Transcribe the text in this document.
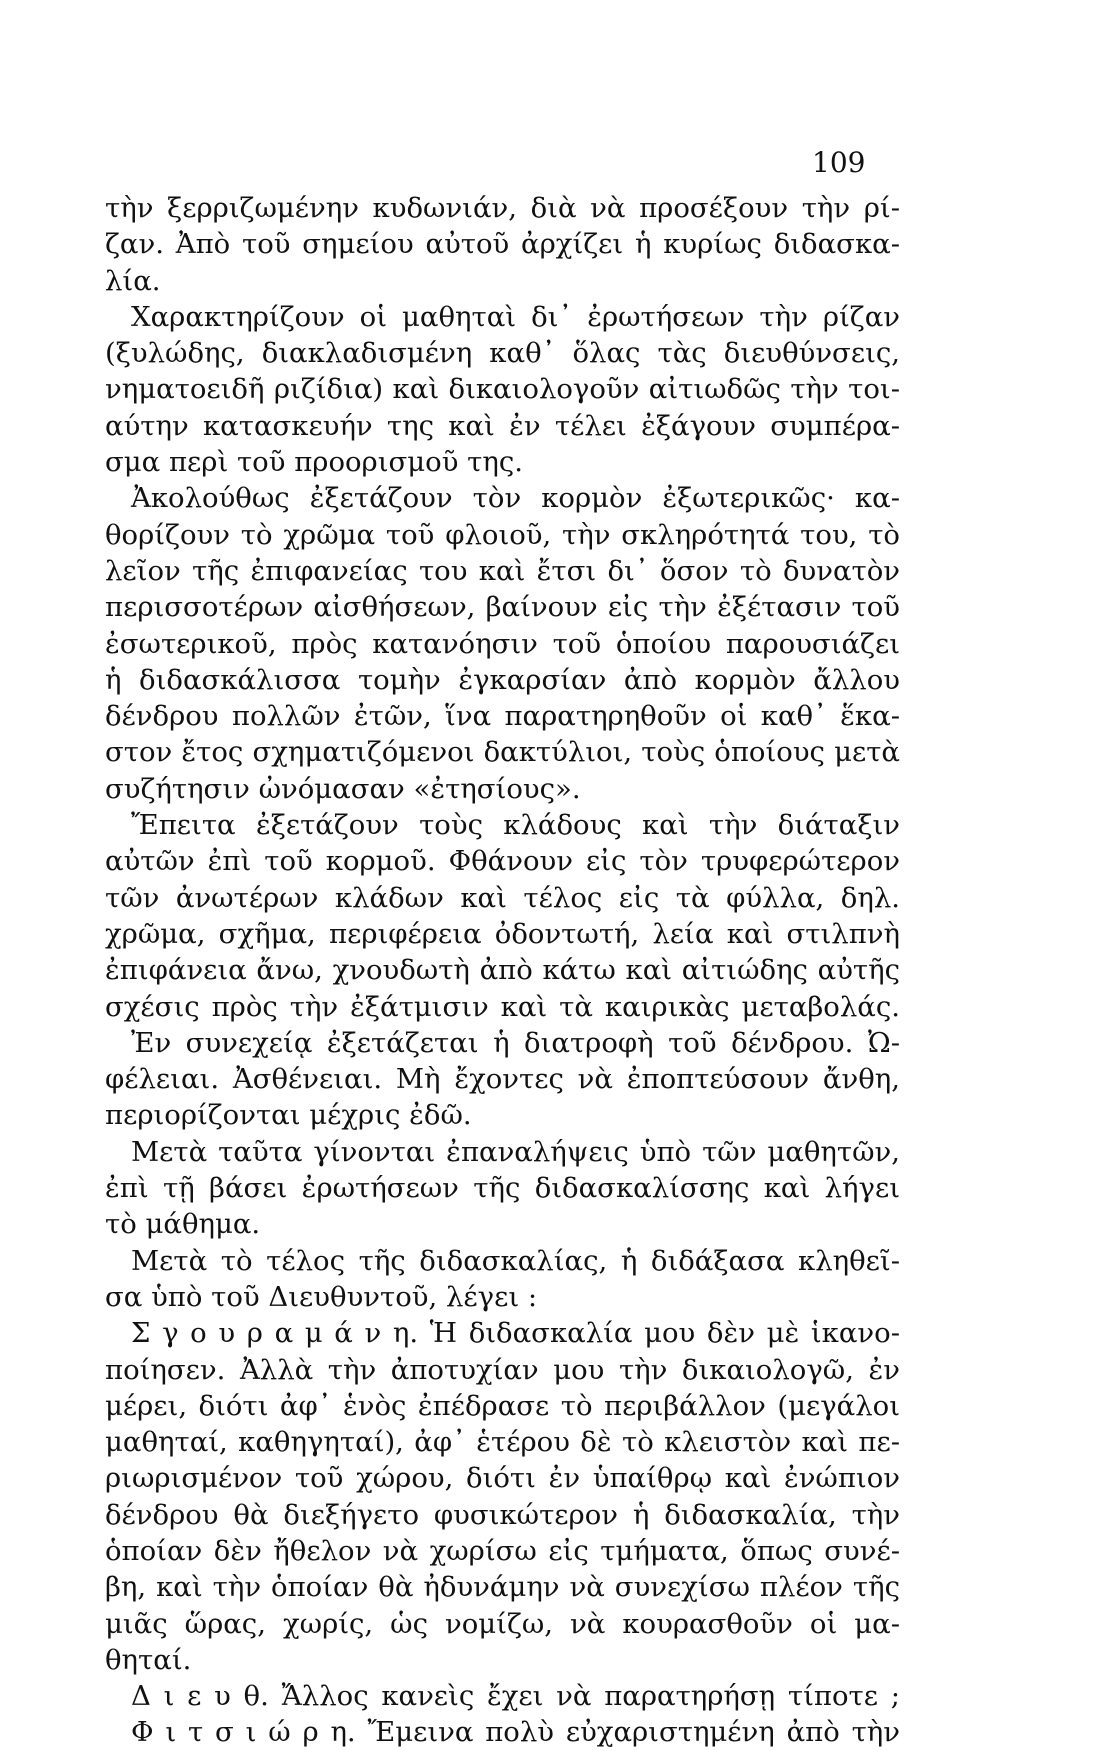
109
τὴν ξερριζωμένην κυδωνιάν, διὰ νὰ προσέξουν τὴν ρί-
ζαν. Ἀπὸ τοῦ σημείου αὐτοῦ ἀρχίζει ἡ κυρίως διδασκα-
λία.
Χαρακτηρίζουν οἱ μαθηταὶ δι᾽ ἐρωτήσεων τὴν ρίζαν
(ξυλώδης, διακλαδισμένη καθ᾽ ὅλας τὰς διευθύνσεις,
νηματοειδῆ ριζίδια) καὶ δικαιολογοῦν αἰτιωδῶς τὴν τοι-
αύτην κατασκευήν της καὶ ἐν τέλει ἐξάγουν συμπέρα-
σμα περὶ τοῦ προορισμοῦ της.
Ἀκολούθως ἐξετάζουν τὸν κορμὸν ἐξωτερικῶς· κα-
θορίζουν τὸ χρῶμα τοῦ φλοιοῦ, τὴν σκληρότητά του, τὸ
λεῖον τῆς ἐπιφανείας του καὶ ἔτσι δι᾽ ὅσον τὸ δυνατὸν
περισσοτέρων αἰσθήσεων, βαίνουν εἰς τὴν ἐξέτασιν τοῦ
ἐσωτερικοῦ, πρὸς κατανόησιν τοῦ ὁποίου παρουσιάζει
ἡ διδασκάλισσα τομὴν ἐγκαρσίαν ἀπὸ κορμὸν ἄλλου
δένδρου πολλῶν ἐτῶν, ἵνα παρατηρηθοῦν οἱ καθ᾽ ἕκα-
στον ἔτος σχηματιζόμενοι δακτύλιοι, τοὺς ὁποίους μετὰ
συζήτησιν ὠνόμασαν «ἐτησίους».
Ἔπειτα ἐξετάζουν τοὺς κλάδους καὶ τὴν διάταξιν
αὐτῶν ἐπὶ τοῦ κορμοῦ. Φθάνουν εἰς τὸν τρυφερώτερον
τῶν ἀνωτέρων κλάδων καὶ τέλος εἰς τὰ φύλλα, δηλ.
χρῶμα, σχῆμα, περιφέρεια ὀδοντωτή, λεία καὶ στιλπνὴ
ἐπιφάνεια ἄνω, χνουδωτὴ ἀπὸ κάτω καὶ αἰτιώδης αὐτῆς
σχέσις πρὸς τὴν ἐξάτμισιν καὶ τὰ καιρικὰς μεταβολάς.
Ἐν συνεχείᾳ ἐξετάζεται ἡ διατροφὴ τοῦ δένδρου. Ὠ-
φέλειαι. Ἀσθένειαι. Μὴ ἔχοντες νὰ ἐποπτεύσουν ἄνθη,
περιορίζονται μέχρις ἐδῶ.
Μετὰ ταῦτα γίνονται ἐπαναλήψεις ὑπὸ τῶν μαθητῶν,
ἐπὶ τῇ βάσει ἐρωτήσεων τῆς διδασκαλίσσης καὶ λήγει
τὸ μάθημα.
Μετὰ τὸ τέλος τῆς διδασκαλίας, ἡ διδάξασα κληθεῖ-
σα ὑπὸ τοῦ Διευθυντοῦ, λέγει :
Σ γ ο υ ρ α μ ά ν η. Ἡ διδασκαλία μου δὲν μὲ ἱκανο-
ποίησεν. Ἀλλὰ τὴν ἀποτυχίαν μου τὴν δικαιολογῶ, ἐν
μέρει, διότι ἀφ᾽ ἑνὸς ἐπέδρασε τὸ περιβάλλον (μεγάλοι
μαθηταί, καθηγηταί), ἀφ᾽ ἑτέρου δὲ τὸ κλειστὸν καὶ πε-
ριωρισμένον τοῦ χώρου, διότι ἐν ὑπαίθρῳ καὶ ἐνώπιον
δένδρου θὰ διεξήγετο φυσικώτερον ἡ διδασκαλία, τὴν
ὁποίαν δὲν ἤθελον νὰ χωρίσω εἰς τμήματα, ὅπως συνέ-
βη, καὶ τὴν ὁποίαν θὰ ἠδυνάμην νὰ συνεχίσω πλέον τῆς
μιᾶς ὥρας, χωρίς, ὡς νομίζω, νὰ κουρασθοῦν οἱ μα-
θηταί.
Δ ι ε υ θ. Ἄλλος κανεὶς ἔχει νὰ παρατηρήσῃ τίποτε ;
Φ ι τ σ ι ώ ρ η. Ἔμεινα πολὺ εὐχαριστημένη ἀπὸ τὴν
